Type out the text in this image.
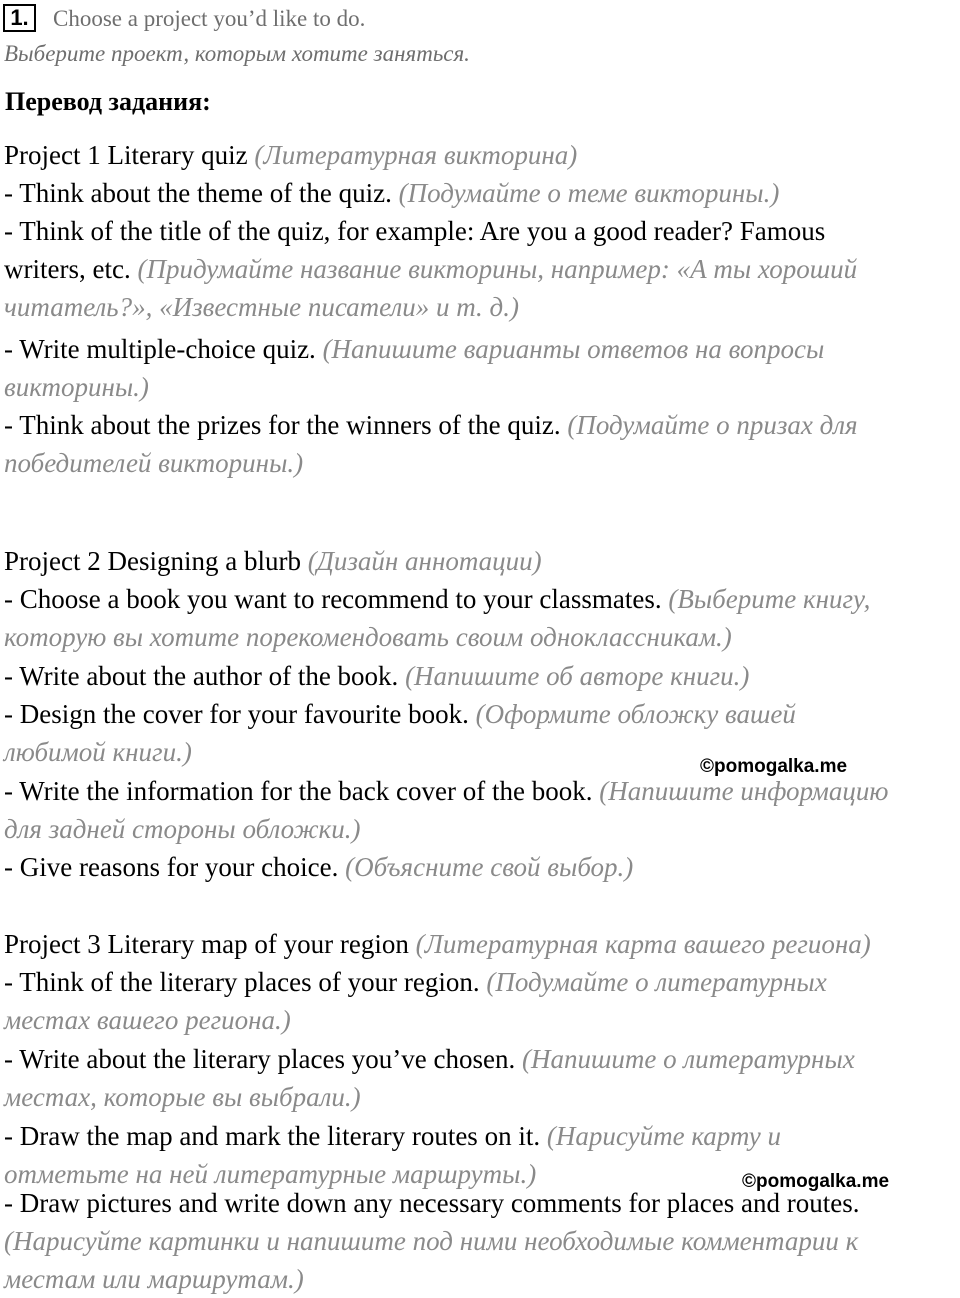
1.	Choose a project you’d like to do.
Выберите проект, которым хотите заняться.
Перевод задания:
Project 1 Literary quiz (Литературная викторина)
- Think about the theme of the quiz. (Подумайте о теме викторины.)
- Think of the title of the quiz, for example: Are you a good reader? Famous
writers, etc. (Придумайте название викторины, например: «А ты хороший
читатель?», «Известные писатели» и т. д.)
- Write multiple-choice quiz. (Напишите варианты ответов на вопросы
викторины.)
- Think about the prizes for the winners of the quiz. (Подумайте о призах для
победителей викторины.)
Project 2 Designing a blurb (Дизайн аннотации)
- Choose a book you want to recommend to your classmates. (Выберите книгу,
которую вы хотите порекомендовать своим одноклассникам.)
- Write about the author of the book. (Напишите об авторе книги.)
- Design the cover for your favourite book. (Оформите обложку вашей
любимой книги.)
- Write the information for the back cover of the book. (Напишите информацию
для задней стороны обложки.)
- Give reasons for your choice. (Объясните свой выбор.)
Project 3 Literary map of your region (Литературная карта вашего региона)
- Think of the literary places of your region. (Подумайте о литературных
местах вашего региона.)
- Write about the literary places you’ve chosen. (Напишите о литературных
местах, которые вы выбрали.)
- Draw the map and mark the literary routes on it. (Нарисуйте карту и
отметьте на ней литературные маршруты.)
- Draw pictures and write down any necessary comments for places and routes.
(Нарисуйте картинки и напишите под ними необходимые комментарии к
местам или маршрутам.)
©pomogalka.me
©pomogalka.me
